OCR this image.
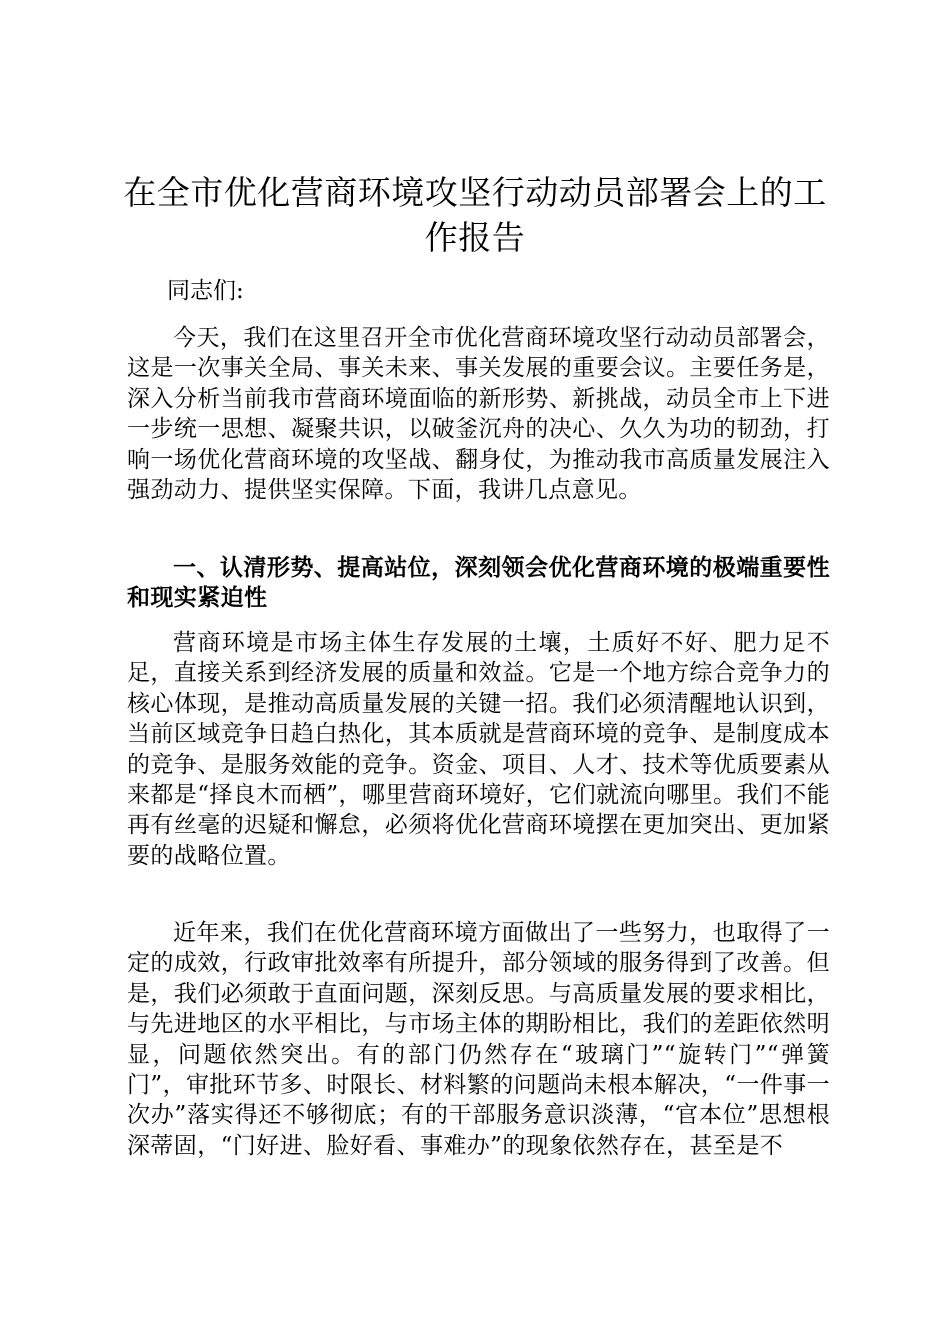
在全市优化营商环境攻坚行动动员部署会上的工作报告

同志们:

今天，我们在这里召开全市优化营商环境攻坚行动动员部署会，这是一次事关全局、事关未来、事关发展的重要会议。主要任务是，深入分析当前我市营商环境面临的新形势、新挑战，动员全市上下进一步统一思想、凝聚共识，以破釜沉舟的决心、久久为功的韧劲，打响一场优化营商环境的攻坚战、翻身仗，为推动我市高质量发展注入强劲动力、提供坚实保障。下面，我讲几点意见。

一、认清形势、提高站位，深刻领会优化营商环境的极端重要性和现实紧迫性

营商环境是市场主体生存发展的土壤，土质好不好、肥力足不足，直接关系到经济发展的质量和效益。它是一个地方综合竞争力的核心体现，是推动高质量发展的关键一招。我们必须清醒地认识到，当前区域竞争日趋白热化，其本质就是营商环境的竞争、是制度成本的竞争、是服务效能的竞争。资金、项目、人才、技术等优质要素从来都是“择良木而栖”，哪里营商环境好，它们就流向哪里。我们不能再有丝毫的迟疑和懈怠，必须将优化营商环境摆在更加突出、更加紧要的战略位置。

近年来，我们在优化营商环境方面做出了一些努力，也取得了一定的成效，行政审批效率有所提升，部分领域的服务得到了改善。但是，我们必须敢于直面问题，深刻反思。与高质量发展的要求相比，与先进地区的水平相比，与市场主体的期盼相比，我们的差距依然明显，问题依然突出。有的部门仍然存在“玻璃门”“旋转门”“弹簧门”，审批环节多、时限长、材料繁的问题尚未根本解决，“一件事一次办”落实得还不够彻底；有的干部服务意识淡薄，“官本位”思想根深蒂固，“门好进、脸好看、事难办”的现象依然存在，甚至是不
